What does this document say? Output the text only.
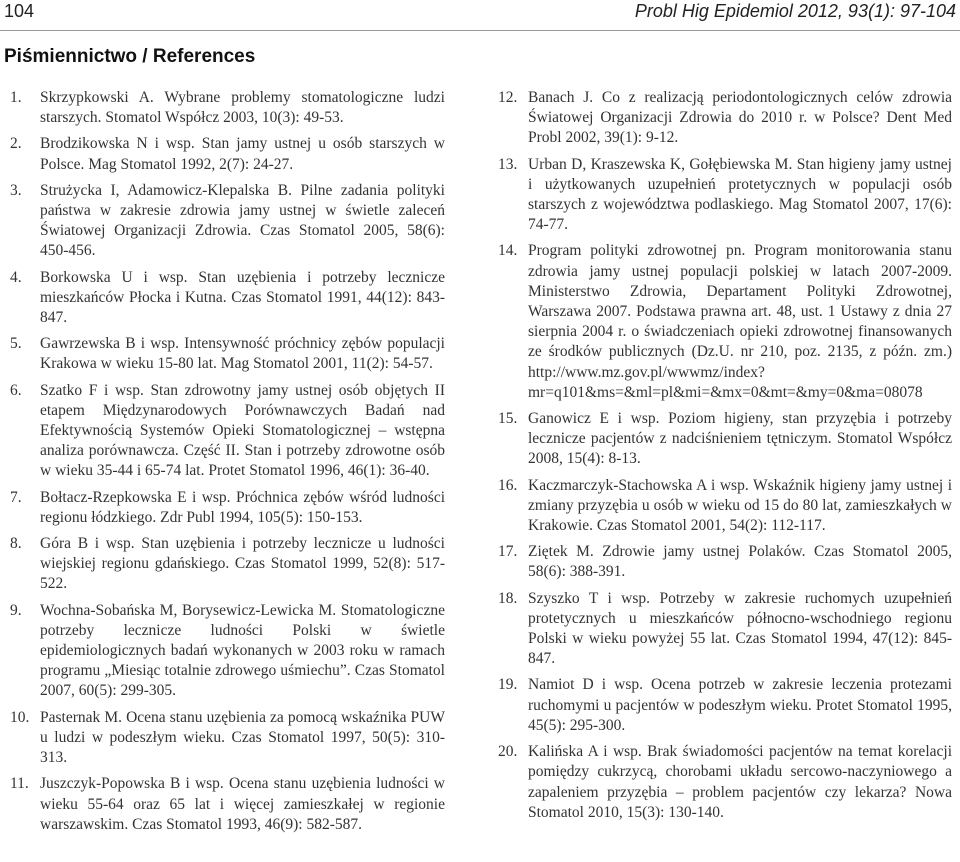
104	Probl Hig Epidemiol 2012, 93(1): 97-104
Piśmiennictwo / References
1.	Skrzypkowski A. Wybrane problemy stomatologiczne ludzi starszych. Stomatol Współcz 2003, 10(3): 49-53.
2.	Brodzikowska N i wsp. Stan jamy ustnej u osób starszych w Polsce. Mag Stomatol 1992, 2(7): 24-27.
3.	Strużycka I, Adamowicz-Klepalska B. Pilne zadania polityki państwa w zakresie zdrowia jamy ustnej w świetle zaleceń Światowej Organizacji Zdrowia. Czas Stomatol 2005, 58(6): 450-456.
4.	Borkowska U i wsp. Stan uzębienia i potrzeby lecznicze mieszkańców Płocka i Kutna. Czas Stomatol 1991, 44(12): 843-847.
5.	Gawrzewska B i wsp. Intensywność próchnicy zębów populacji Krakowa w wieku 15-80 lat. Mag Stomatol 2001, 11(2): 54-57.
6.	Szatko F i wsp. Stan zdrowotny jamy ustnej osób objętych II etapem Międzynarodowych Porównawczych Badań nad Efektywnością Systemów Opieki Stomatologicznej – wstępna analiza porównawcza. Część II. Stan i potrzeby zdrowotne osób w wieku 35-44 i 65-74 lat. Protet Stomatol 1996, 46(1): 36-40.
7.	Bołtacz-Rzepkowska E i wsp. Próchnica zębów wśród ludności regionu łódzkiego. Zdr Publ 1994, 105(5): 150-153.
8.	Góra B i wsp. Stan uzębienia i potrzeby lecznicze u ludności wiejskiej regionu gdańskiego. Czas Stomatol 1999, 52(8): 517-522.
9.	Wochna-Sobańska M, Borysewicz-Lewicka M. Stomatologiczne potrzeby lecznicze ludności Polski w świetle epidemiologicznych badań wykonanych w 2003 roku w ramach programu „Miesiąc totalnie zdrowego uśmiechu”. Czas Stomatol 2007, 60(5): 299-305.
10. Pasternak M. Ocena stanu uzębienia za pomocą wskaźnika PUW u ludzi w podeszłym wieku. Czas Stomatol 1997, 50(5): 310-313.
11. Juszczyk-Popowska B i wsp. Ocena stanu uzębienia ludności w wieku 55-64 oraz 65 lat i więcej zamieszkałej w regionie warszawskim. Czas Stomatol 1993, 46(9): 582-587.
12. Banach J. Co z realizacją periodontologicznych celów zdrowia Światowej Organizacji Zdrowia do 2010 r. w Polsce? Dent Med Probl 2002, 39(1): 9-12.
13. Urban D, Kraszewska K, Gołębiewska M. Stan higieny jamy ustnej i użytkowanych uzupełnień protetycznych w populacji osób starszych z województwa podlaskiego. Mag Stomatol 2007, 17(6): 74-77.
14. Program polityki zdrowotnej pn. Program monitorowania stanu zdrowia jamy ustnej populacji polskiej w latach 2007-2009. Ministerstwo Zdrowia, Departament Polityki Zdrowotnej, Warszawa 2007. Podstawa prawna art. 48, ust. 1 Ustawy z dnia 27 sierpnia 2004 r. o świadczeniach opieki zdrowotnej finansowanych ze środków publicznych (Dz.U. nr 210, poz. 2135, z późn. zm.) http://www.mz.gov.pl/wwwmz/index?mr=q101&ms=&ml=pl&mi=&mx=0&mt=&my=0&ma=08078
15. Ganowicz E i wsp. Poziom higieny, stan przyzębia i potrzeby lecznicze pacjentów z nadciśnieniem tętniczym. Stomatol Współcz 2008, 15(4): 8-13.
16. Kaczmarczyk-Stachowska A i wsp. Wskaźnik higieny jamy ustnej i zmiany przyzębia u osób w wieku od 15 do 80 lat, zamieszkałych w Krakowie. Czas Stomatol 2001, 54(2): 112-117.
17. Ziętek M. Zdrowie jamy ustnej Polaków. Czas Stomatol 2005, 58(6): 388-391.
18. Szyszko T i wsp. Potrzeby w zakresie ruchomych uzupełnień protetycznych u mieszkańców północno-wschodniego regionu Polski w wieku powyżej 55 lat. Czas Stomatol 1994, 47(12): 845-847.
19. Namiot D i wsp. Ocena potrzeb w zakresie leczenia protezami ruchomymi u pacjentów w podeszłym wieku. Protet Stomatol 1995, 45(5): 295-300.
20. Kalińska A i wsp. Brak świadomości pacjentów na temat korelacji pomiędzy cukrzycą, chorobami układu sercowo-naczyniowego a zapaleniem przyzębia – problem pacjentów czy lekarza? Nowa Stomatol 2010, 15(3): 130-140.
